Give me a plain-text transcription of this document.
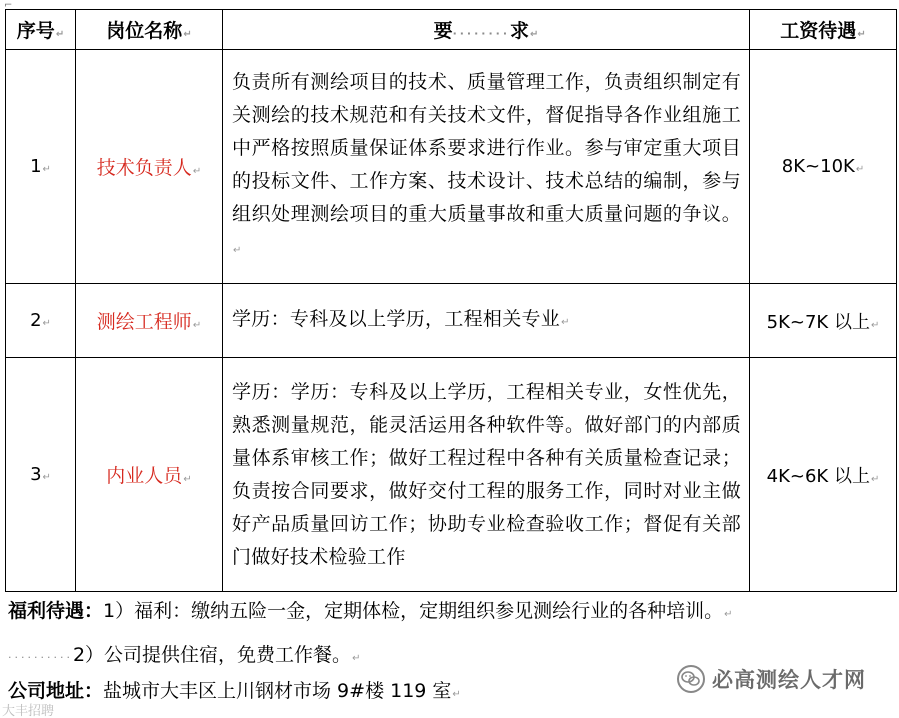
⌐
序号↵	岗位名称↵	要········求↵	工资待遇↵
1↵	技术负责人↵	负责所有测绘项目的技术、质量管理工作，负责组织制定有关测绘的技术规范和有关技术文件，督促指导各作业组施工中严格按照质量保证体系要求进行作业。参与审定重大项目的投标文件、工作方案、技术设计、技术总结的编制，参与组织处理测绘项目的重大质量事故和重大质量问题的争议。↵	8K~10K↵
2↵	测绘工程师↵	学历：专科及以上学历，工程相关专业↵	5K~7K 以上↵
3↵	内业人员↵	学历：学历：专科及以上学历，工程相关专业，女性优先，熟悉测量规范，能灵活运用各种软件等。做好部门的内部质量体系审核工作；做好工程过程中各种有关质量检查记录；负责按合同要求，做好交付工程的服务工作，同时对业主做好产品质量回访工作；协助专业检查验收工作；督促有关部门做好技术检验工作	4K~6K 以上↵
福利待遇：1）福利：缴纳五险一金，定期体检，定期组织参见测绘行业的各种培训。↵
··········2）公司提供住宿，免费工作餐。↵
公司地址：盐城市大丰区上川钢材市场 9#楼 119 室↵
必高测绘人才网
大丰招聘
